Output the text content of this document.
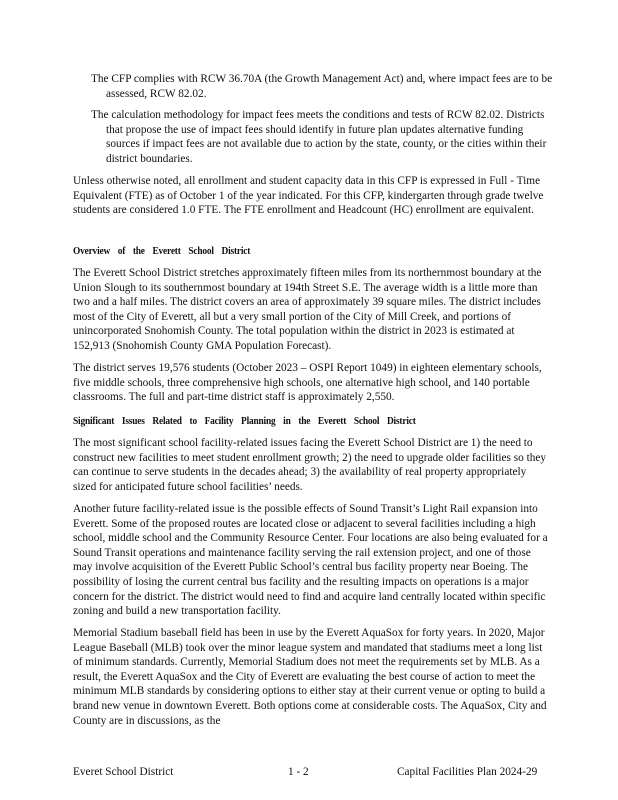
The CFP complies with RCW 36.70A (the Growth Management Act) and, where impact fees are to be assessed, RCW 82.02.

The calculation methodology for impact fees meets the conditions and tests of RCW 82.02. Districts that propose the use of impact fees should identify in future plan updates alternative funding sources if impact fees are not available due to action by the state, county, or the cities within their district boundaries.

Unless otherwise noted, all enrollment and student capacity data in this CFP is expressed in Full - Time Equivalent (FTE) as of October 1 of the year indicated. For this CFP, kindergarten through grade twelve students are considered 1.0 FTE. The FTE enrollment and Headcount (HC) enrollment are equivalent.

Overview of the Everett School District

The Everett School District stretches approximately fifteen miles from its northernmost boundary at the Union Slough to its southernmost boundary at 194th Street S.E. The average width is a little more than two and a half miles. The district covers an area of approximately 39 square miles. The district includes most of the City of Everett, all but a very small portion of the City of Mill Creek, and portions of unincorporated Snohomish County. The total population within the district in 2023 is estimated at 152,913 (Snohomish County GMA Population Forecast).

The district serves 19,576 students (October 2023 – OSPI Report 1049) in eighteen elementary schools, five middle schools, three comprehensive high schools, one alternative high school, and 140 portable classrooms. The full and part-time district staff is approximately 2,550.

Significant Issues Related to Facility Planning in the Everett School District

The most significant school facility-related issues facing the Everett School District are 1) the need to construct new facilities to meet student enrollment growth; 2) the need to upgrade older facilities so they can continue to serve students in the decades ahead; 3) the availability of real property appropriately sized for anticipated future school facilities’ needs.

Another future facility-related issue is the possible effects of Sound Transit’s Light Rail expansion into Everett. Some of the proposed routes are located close or adjacent to several facilities including a high school, middle school and the Community Resource Center. Four locations are also being evaluated for a Sound Transit operations and maintenance facility serving the rail extension project, and one of those may involve acquisition of the Everett Public School’s central bus facility property near Boeing. The possibility of losing the current central bus facility and the resulting impacts on operations is a major concern for the district. The district would need to find and acquire land centrally located within specific zoning and build a new transportation facility.

Memorial Stadium baseball field has been in use by the Everett AquaSox for forty years. In 2020, Major League Baseball (MLB) took over the minor league system and mandated that stadiums meet a long list of minimum standards. Currently, Memorial Stadium does not meet the requirements set by MLB. As a result, the Everett AquaSox and the City of Everett are evaluating the best course of action to meet the minimum MLB standards by considering options to either stay at their current venue or opting to build a brand new venue in downtown Everett. Both options come at considerable costs. The AquaSox, City and County are in discussions, as the

Everet School District	1 - 2	Capital Facilities Plan 2024-29
